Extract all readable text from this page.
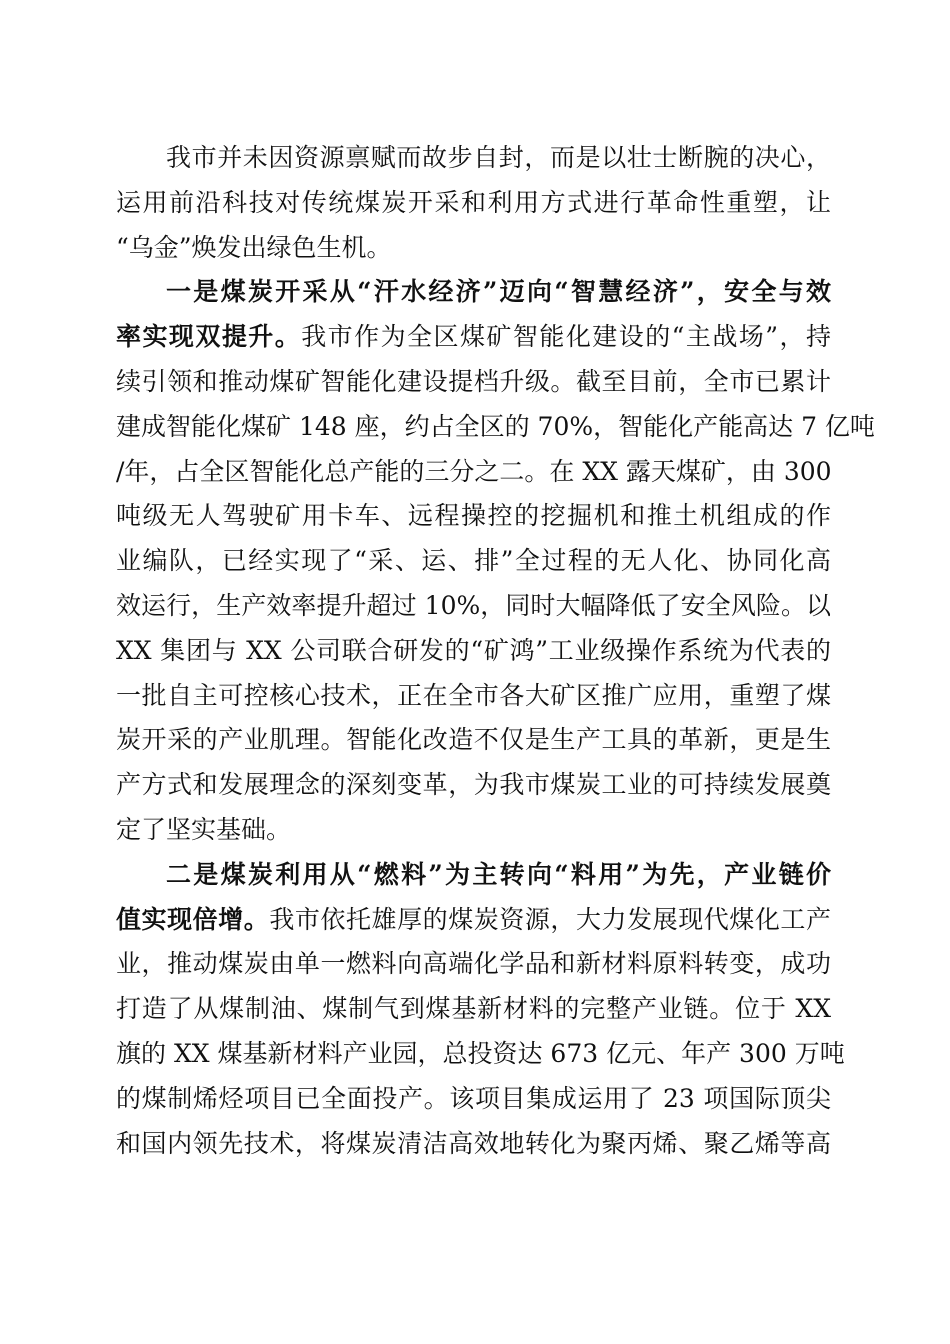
我市并未因资源禀赋而故步自封，而是以壮士断腕的决心，
运用前沿科技对传统煤炭开采和利用方式进行革命性重塑，让
“乌金”焕发出绿色生机。
一是煤炭开采从“汗水经济”迈向“智慧经济”，安全与效
率实现双提升。我市作为全区煤矿智能化建设的“主战场”，持
续引领和推动煤矿智能化建设提档升级。截至目前，全市已累计
建成智能化煤矿 148 座，约占全区的 70%，智能化产能高达 7 亿吨
/年，占全区智能化总产能的三分之二。在 XX 露天煤矿，由 300
吨级无人驾驶矿用卡车、远程操控的挖掘机和推土机组成的作
业编队，已经实现了“采、运、排”全过程的无人化、协同化高
效运行，生产效率提升超过 10%，同时大幅降低了安全风险。以
XX 集团与 XX 公司联合研发的“矿鸿”工业级操作系统为代表的
一批自主可控核心技术，正在全市各大矿区推广应用，重塑了煤
炭开采的产业肌理。智能化改造不仅是生产工具的革新，更是生
产方式和发展理念的深刻变革，为我市煤炭工业的可持续发展奠
定了坚实基础。
二是煤炭利用从“燃料”为主转向“料用”为先，产业链价
值实现倍增。我市依托雄厚的煤炭资源，大力发展现代煤化工产
业，推动煤炭由单一燃料向高端化学品和新材料原料转变，成功
打造了从煤制油、煤制气到煤基新材料的完整产业链。位于 XX
旗的 XX 煤基新材料产业园，总投资达 673 亿元、年产 300 万吨
的煤制烯烃项目已全面投产。该项目集成运用了 23 项国际顶尖
和国内领先技术，将煤炭清洁高效地转化为聚丙烯、聚乙烯等高
